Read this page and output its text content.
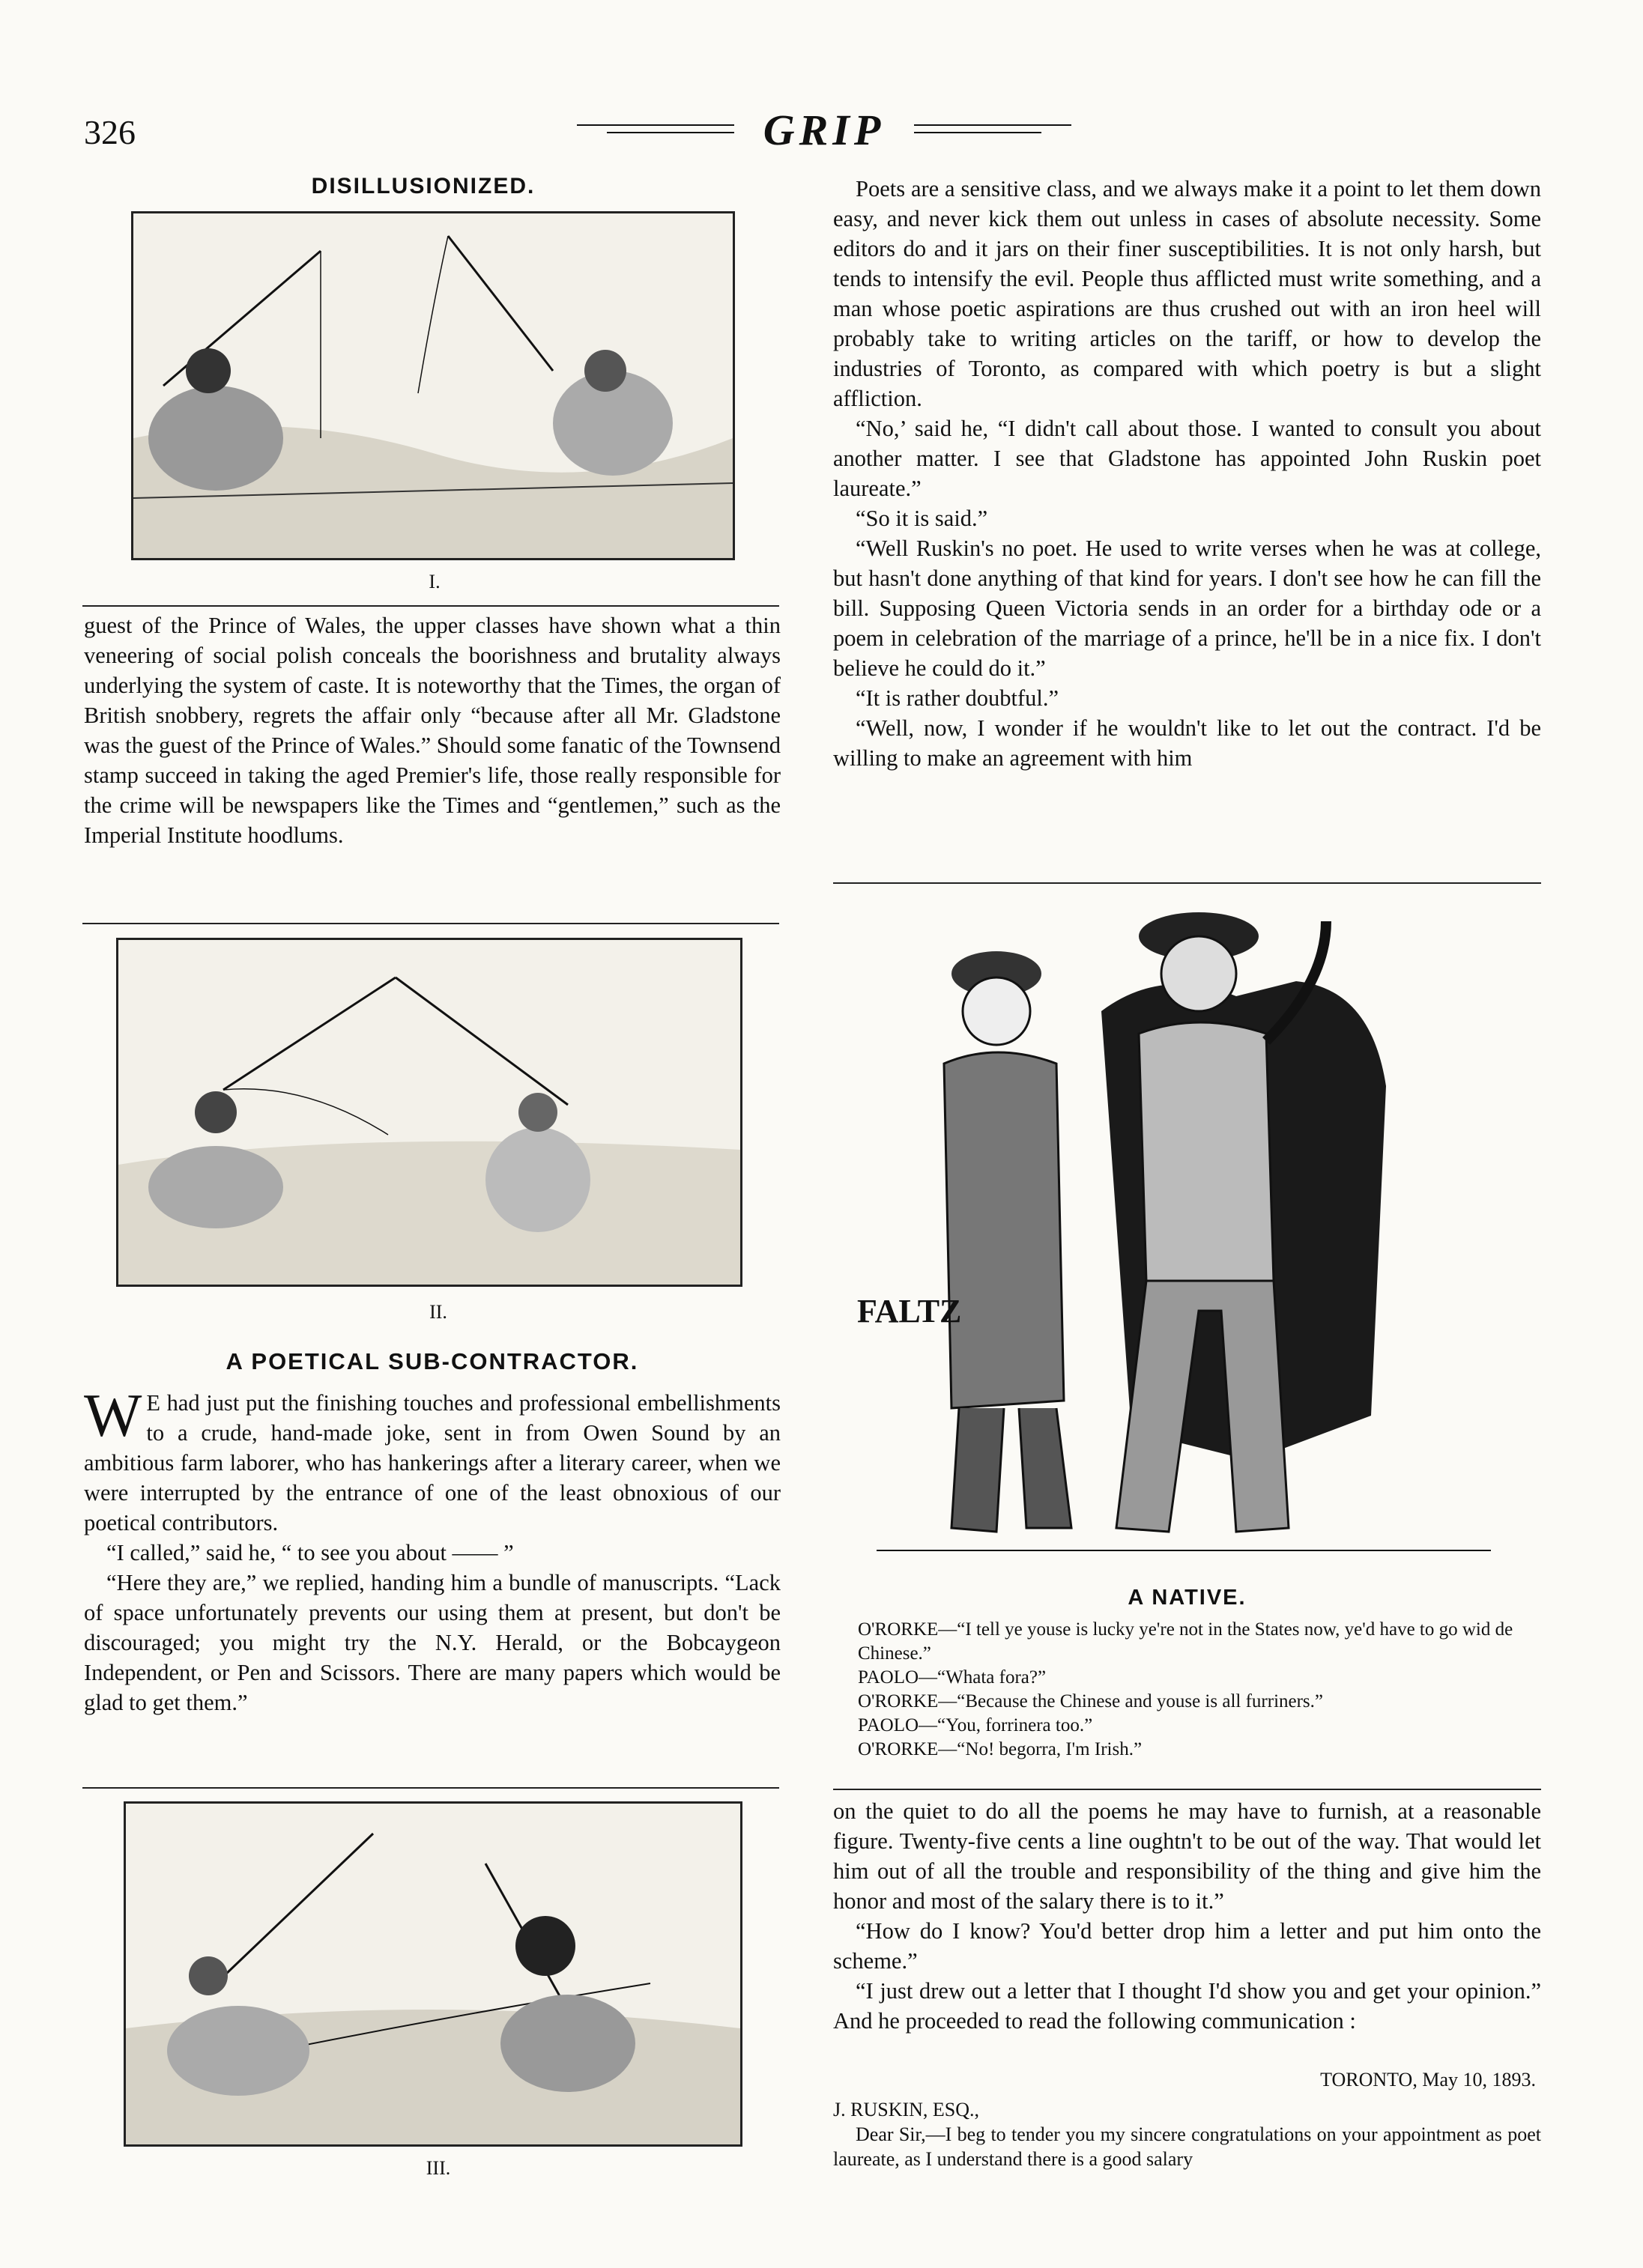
326	GRIP
DISILLUSIONIZED.
I.

guest of the Prince of Wales, the upper classes have shown what a thin veneering of social polish conceals the boorishness and brutality always underlying the system of caste. It is noteworthy that the Times, the organ of British snobbery, regrets the affair only “because after all Mr. Gladstone was the guest of the Prince of Wales.” Should some fanatic of the Townsend stamp succeed in taking the aged Premier's life, those really responsible for the crime will be newspapers like the Times and “gentlemen,” such as the Imperial Institute hoodlums.

II.
A POETICAL SUB-CONTRACTOR.

W E had just put the finishing touches and professional embellishments to a crude, hand-made joke, sent in from Owen Sound by an ambitious farm laborer, who has hankerings after a literary career, when we were interrupted by the entrance of one of the least obnoxious of our poetical contributors.

“I called,” said he, “ to see you about —— ”

“Here they are,” we replied, handing him a bundle of manuscripts. “Lack of space unfortunately prevents our using them at present, but don't be discouraged; you might try the N.Y. Herald, or the Bobcaygeon Independent, or Pen and Scissors. There are many papers which would be glad to get them.”

III.

Poets are a sensitive class, and we always make it a point to let them down easy, and never kick them out unless in cases of absolute necessity. Some editors do and it jars on their finer susceptibilities. It is not only harsh, but tends to intensify the evil. People thus afflicted must write something, and a man whose poetic aspirations are thus crushed out with an iron heel will probably take to writing articles on the tariff, or how to develop the industries of Toronto, as compared with which poetry is but a slight affliction.

“No,’ said he, “I didn't call about those. I wanted to consult you about another matter. I see that Gladstone has appointed John Ruskin poet laureate.”

“So it is said.”

“Well Ruskin's no poet. He used to write verses when he was at college, but hasn't done anything of that kind for years. I don't see how he can fill the bill. Supposing Queen Victoria sends in an order for a birthday ode or a poem in celebration of the marriage of a prince, he'll be in a nice fix. I don't believe he could do it.”

“It is rather doubtful.”

“Well, now, I wonder if he wouldn't like to let out the contract. I'd be willing to make an agreement with him

FALTZ
A NATIVE.
O'RORKE—“I tell ye youse is lucky ye're not in the States now, ye'd have to go wid de Chinese.”
PAOLO—“Whata fora?”
O'RORKE—“Because the Chinese and youse is all furriners.”
PAOLO—“You, forrinera too.”
O'RORKE—“No! begorra, I'm Irish.”

on the quiet to do all the poems he may have to furnish, at a reasonable figure. Twenty-five cents a line oughtn't to be out of the way. That would let him out of all the trouble and responsibility of the thing and give him the honor and most of the salary there is to it.”

“How do I know? You'd better drop him a letter and put him onto the scheme.”

“I just drew out a letter that I thought I'd show you and get your opinion.” And he proceeded to read the following communication :

TORONTO, May 10, 1893.
J. RUSKIN, ESQ.,
Dear Sir,—I beg to tender you my sincere congratulations on your appointment as poet laureate, as I understand there is a good salary
